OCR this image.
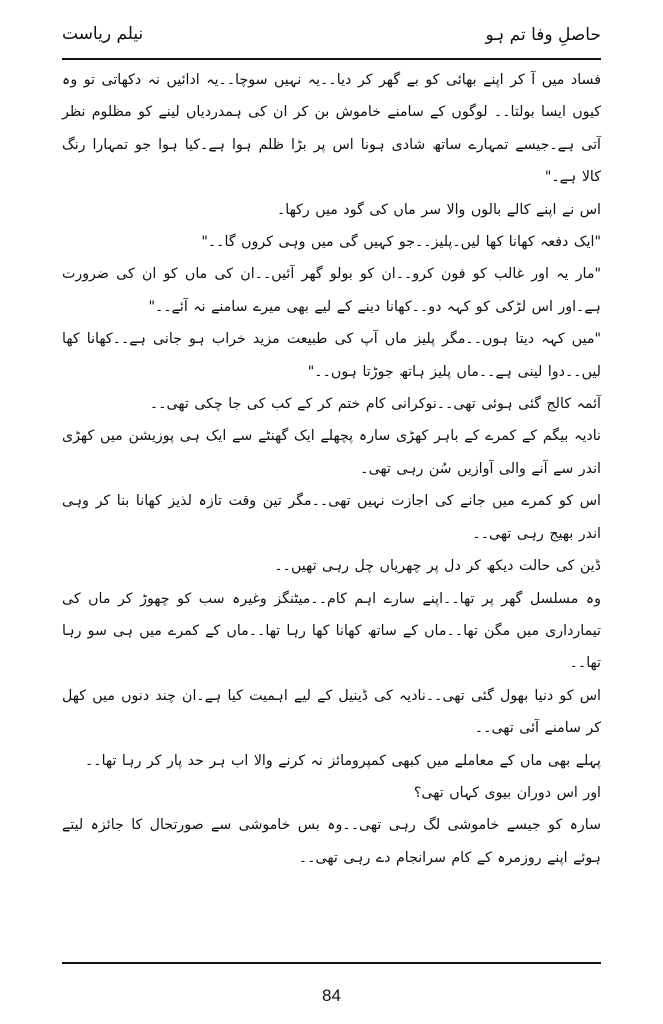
حاصلِ وفا تم ہو
نیلم ریاست

فساد میں آ کر اپنے بھائی کو بے گھر کر دیا۔۔یہ نہیں سوچا۔۔یہ ادائیں نہ دکھاتی تو وہ کیوں ایسا بولتا۔۔ لوگوں کے سامنے خاموش بن کر ان کی ہمدردیاں لینے کو مظلوم نظر آتی ہے۔جیسے تمہارے ساتھ شادی ہونا اس پر بڑا ظلم ہوا ہے۔کیا ہوا جو تمہارا رنگ کالا ہے۔"

اس نے اپنے کالے بالوں والا سر ماں کی گود میں رکھا۔

"ایک دفعہ کھانا کھا لیں۔پلیز۔۔جو کہیں گی میں وہی کروں گا۔۔"

"مار یہ اور غالب کو فون کرو۔۔ان کو بولو گھر آئیں۔۔ان کی ماں کو ان کی ضرورت ہے۔اور اس لڑکی کو کہہ دو۔۔کھانا دینے کے لیے بھی میرے سامنے نہ آئے۔۔"

"میں کہہ دیتا ہوں۔۔مگر پلیز ماں آپ کی طبیعت مزید خراب ہو جانی ہے۔۔کھانا کھا لیں۔۔دوا لینی ہے۔۔ماں پلیز ہاتھ جوڑتا ہوں۔۔"

آئمہ کالج گئی ہوئی تھی۔۔نوکرانی کام ختم کر کے کب کی جا چکی تھی۔۔

نادیہ بیگم کے کمرے کے باہر کھڑی سارہ پچھلے ایک گھنٹے سے ایک ہی پوزیشن میں کھڑی اندر سے آنے والی آوازیں سُن رہی تھی۔

اس کو کمرے میں جانے کی اجازت نہیں تھی۔۔مگر تین وقت تازہ لذیز کھانا بنا کر وہی اندر بھیج رہی تھی۔۔

ڈین کی حالت دیکھ کر دل پر چھریاں چل رہی تھیں۔۔

وہ مسلسل گھر پر تھا۔۔اپنے سارے اہم کام۔۔میٹنگز وغیرہ سب کو چھوڑ کر ماں کی تیمارداری میں مگن تھا۔۔ماں کے ساتھ کھانا کھا رہا تھا۔۔ماں کے کمرے میں ہی سو رہا تھا۔۔

اس کو دنیا بھول گئی تھی۔۔نادیہ کی ڈینیل کے لیے اہمیت کیا ہے۔ان چند دنوں میں کھل کر سامنے آئی تھی۔۔

پہلے بھی ماں کے معاملے میں کبھی کمپرومائز نہ کرنے والا اب ہر حد پار کر رہا تھا۔۔

اور اس دوران بیوی کہاں تھی؟

سارہ کو جیسے خاموشی لگ رہی تھی۔۔وہ بس خاموشی سے صورتحال کا جائزہ لیتے ہوئے اپنے روزمرہ کے کام سرانجام دے رہی تھی۔۔

84
